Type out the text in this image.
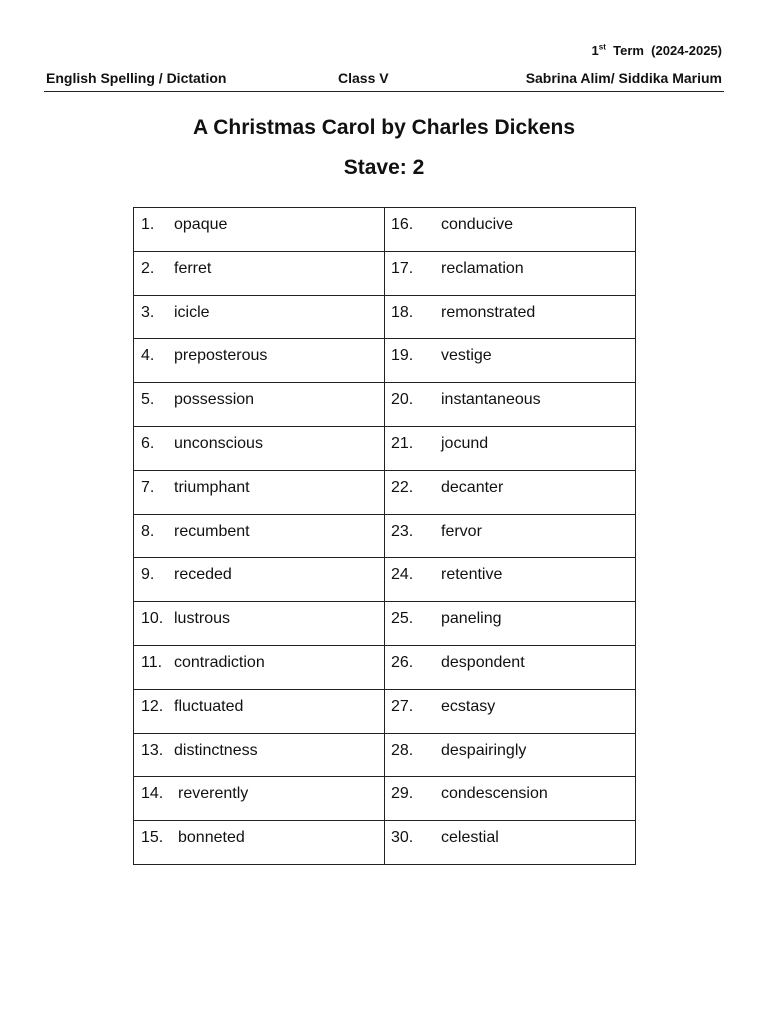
1st  Term  (2024-2025)
English Spelling / Dictation	Class V	Sabrina Alim/ Siddika Marium
A Christmas Carol by Charles Dickens
Stave: 2
1. opaque	16. conducive

2. ferret	17. reclamation

3. icicle	18. remonstrated

4. preposterous	19. vestige

5. possession	20. instantaneous

6. unconscious	21. jocund

7. triumphant	22. decanter

8. recumbent	23. fervor

9. receded	24. retentive

10. lustrous	25. paneling

11. contradiction	26. despondent

12. fluctuated	27. ecstasy

13. distinctness	28. despairingly

14. reverently	29. condescension

15. bonneted	30. celestial
